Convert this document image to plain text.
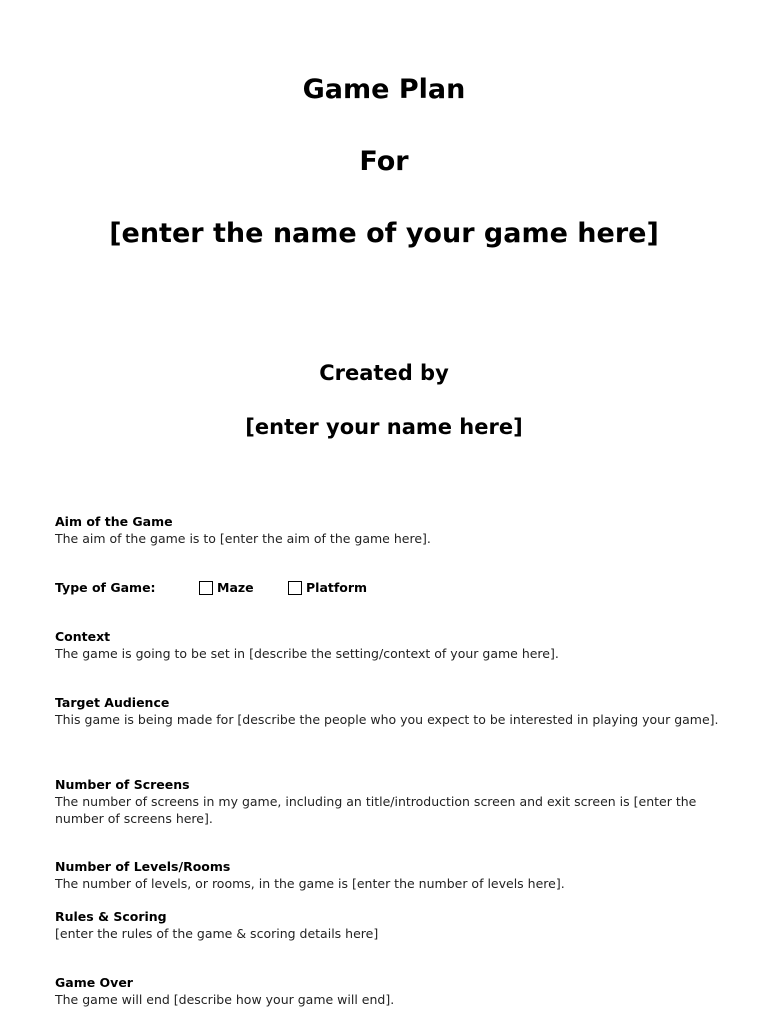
Game Plan
For
[enter the name of your game here]
Created by
[enter your name here]
Aim of the Game
The aim of the game is to [enter the aim of the game here].
Type of Game:	Maze	Platform
Context
The game is going to be set in [describe the setting/context of your game here].
Target Audience
This game is being made for [describe the people who you expect to be interested in playing your game].
Number of Screens
The number of screens in my game, including an title/introduction screen and exit screen is [enter the number of screens here].
Number of Levels/Rooms
The number of levels, or rooms, in the game is [enter the number of levels here].
Rules & Scoring
[enter the rules of the game & scoring details here]
Game Over
The game will end [describe how your game will end].
